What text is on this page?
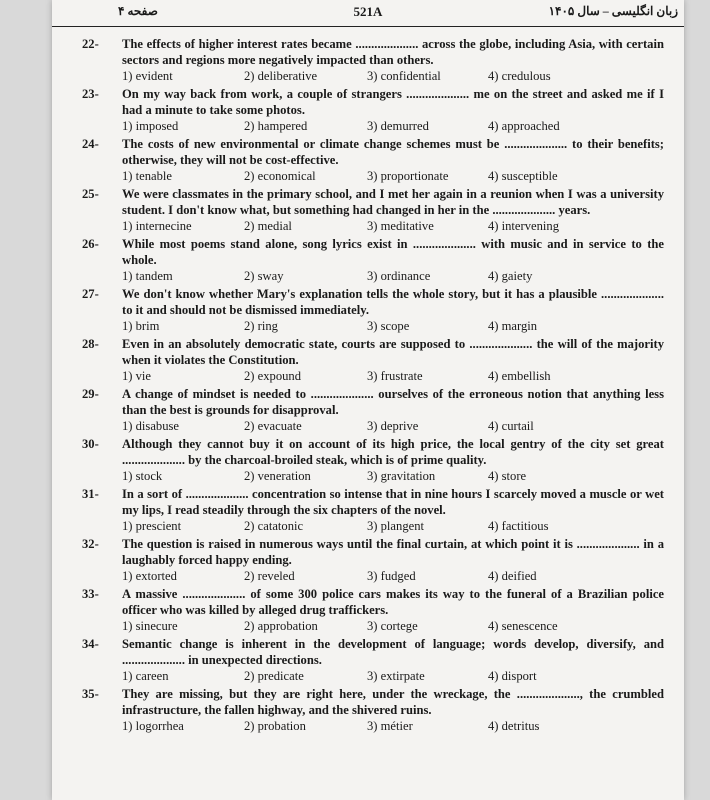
صفحه ۴	521A	زبان انگلیسی – سال ۱۴۰۵
22-	The effects of higher interest rates became .................... across the globe, including Asia, with certain sectors and regions more negatively impacted than others.
1) evident	2) deliberative	3) confidential	4) credulous
23-	On my way back from work, a couple of strangers .................... me on the street and asked me if I had a minute to take some photos.
1) imposed	2) hampered	3) demurred	4) approached
24-	The costs of new environmental or climate change schemes must be .................... to their benefits; otherwise, they will not be cost-effective.
1) tenable	2) economical	3) proportionate	4) susceptible
25-	We were classmates in the primary school, and I met her again in a reunion when I was a university student. I don't know what, but something had changed in her in the .................... years.
1) internecine	2) medial	3) meditative	4) intervening
26-	While most poems stand alone, song lyrics exist in .................... with music and in service to the whole.
1) tandem	2) sway	3) ordinance	4) gaiety
27-	We don't know whether Mary's explanation tells the whole story, but it has a plausible .................... to it and should not be dismissed immediately.
1) brim	2) ring	3) scope	4) margin
28-	Even in an absolutely democratic state, courts are supposed to .................... the will of the majority when it violates the Constitution.
1) vie	2) expound	3) frustrate	4) embellish
29-	A change of mindset is needed to .................... ourselves of the erroneous notion that anything less than the best is grounds for disapproval.
1) disabuse	2) evacuate	3) deprive	4) curtail
30-	Although they cannot buy it on account of its high price, the local gentry of the city set great .................... by the charcoal-broiled steak, which is of prime quality.
1) stock	2) veneration	3) gravitation	4) store
31-	In a sort of .................... concentration so intense that in nine hours I scarcely moved a muscle or wet my lips, I read steadily through the six chapters of the novel.
1) prescient	2) catatonic	3) plangent	4) factitious
32-	The question is raised in numerous ways until the final curtain, at which point it is .................... in a laughably forced happy ending.
1) extorted	2) reveled	3) fudged	4) deified
33-	A massive .................... of some 300 police cars makes its way to the funeral of a Brazilian police officer who was killed by alleged drug traffickers.
1) sinecure	2) approbation	3) cortege	4) senescence
34-	Semantic change is inherent in the development of language; words develop, diversify, and .................... in unexpected directions.
1) careen	2) predicate	3) extirpate	4) disport
35-	They are missing, but they are right here, under the wreckage, the ...................., the crumbled infrastructure, the fallen highway, and the shivered ruins.
1) logorrhea	2) probation	3) métier	4) detritus
